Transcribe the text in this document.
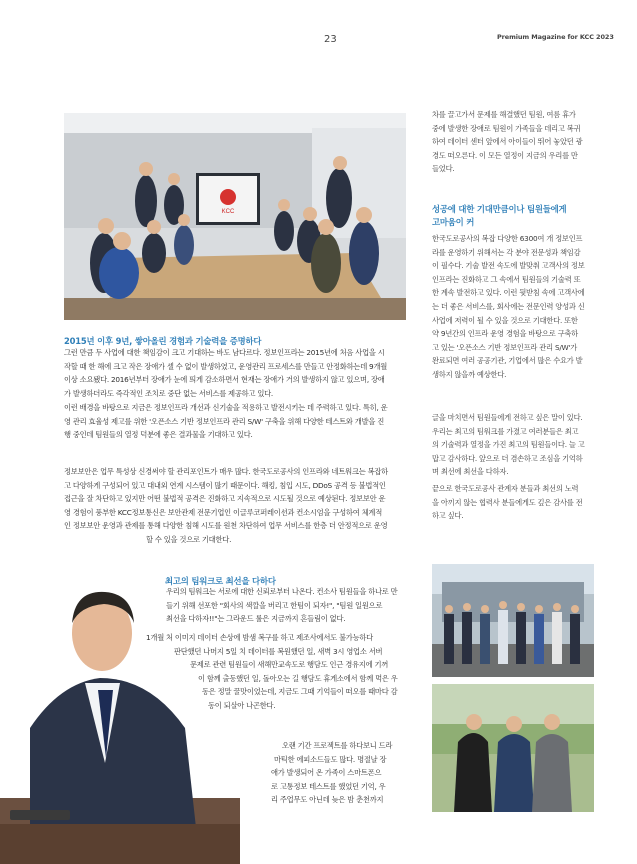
23	Premium Magazine for KCC 2023
KCC
2015년 이후 9년, 쌓아올린 경험과 기술력을 증명하다
그런 만큼 두 사업에 대한 책임감이 크고 기대하는 바도 남다르다. 정보인프라는 2015년에 처음 사업을 시
작할 때 한 해에 크고 작은 장애가 셀 수 없이 발생하였고, 운영관리 프로세스를 만들고 안정화하는데 9개월
이상 소요됐다. 2016년부터 장애가 눈에 띄게 감소하면서 현재는 장애가 거의 발생하지 않고 있으며, 장애
가 발생하더라도 즉각적인 조치로 중단 없는 서비스를 제공하고 있다.
이런 배경을 바탕으로 지금은 정보인프라 개선과 신기술을 적용하고 발전시키는 데 주력하고 있다. 특히, 운
영 관리 효율성 제고를 위한 '오픈소스 기반 정보인프라 관리 S/W' 구축을 위해 다양한 테스트와 개발을 진
행 중인데 팀원들의 열정 덕분에 좋은 결과물을 기대하고 있다.
정보보안은 업무 특성상 신경써야 할 관리포인트가 매우 많다. 한국도로공사의 인프라와 네트워크는 복잡하
고 다양하게 구성되어 있고 대내외 연계 시스템이 많기 때문이다. 해킹, 침입 시도, DDoS 공격 등 불법적인
접근을 잘 차단하고 있지만 어떤 불법적 공격은 진화하고 지속적으로 시도될 것으로 예상된다. 정보보안 운
영 경험이 풍부한 KCC정보통신은 보안관제 전문기업인 이글루코퍼레이션과 컨소시엄을 구성하여 체계적
인 정보보안 운영과 관제를 통해 다양한 침해 시도를 원천 차단하여 업무 서비스를 한층 더 안정적으로 운영
할 수 있을 것으로 기대한다.
최고의 팀워크로 최선을 다하다
우리의 팀워크는 서로에 대한 신뢰로부터 나온다. 컨소사 팀원들을 하나로 만
들기 위해 선포한 "회사의 색깔을 버리고 한팀이 되자!", "팀원 일원으로
최선을 다하자!!"는 그라운드 룰은 지금까지 흔들림이 없다.
1개월 처 이미지 데이터 손상에 밤샘 복구를 하고 제조사에서도 불가능하다
판단했던 나머지 5일 치 데이터를 복원했던 일, 새벽 3시 영업소 서버
문제로 관련 팀원들이 새해만교속도로 행담도 인근 경유지에 기꺼
이 함께 출동했던 일, 돌아오는 길 행담도 휴게소에서 함께 먹은 우
동은 정말 꿀맛이었는데, 지금도 그때 기억들이 떠오를 때마다 감
동이 되살아 나곤한다.
오랜 기간 프로젝트를 하다보니 드라
마틱한 에피소드들도 많다. 명절날 장
애가 발생되어 온 가족이 스마트폰으
로 고통정보 테스트를 했었던 기억, 우
리 주업무도 아닌데 늦은 밤 춘천까지
차를 끌고가서 문제를 해결했던 팀원, 여름 휴가
중에 발생한 장애로 팀원이 가족들을 데리고 복귀
하여 데이터 센터 앞에서 아이들이 뛰어 놓았던 광
경도 떠오른다. 이 모든 열정이 지금의 우리를 만
들었다.
성공에 대한 기대만큼이나 팀원들에게
고마움이 커
한국도로공사의 복잡 다양한 6300여 개 정보인프
라를 운영하기 위해서는 각 분야 전문성과 책임감
이 필수다. 기술 발전 속도에 발맞춰 고객사의 정보
인프라는 진화하고 그 속에서 팀원들의 기술력 또
한 계속 발전하고 있다. 이런 뒷받침 속에 고객사에
는 더 좋은 서비스를, 회사에는 전문인력 양성과 신
사업에 저력이 될 수 있을 것으로 기대한다. 또한
약 9년간의 인프라 운영 경험을 바탕으로 구축하
고 있는 '오픈소스 기반 정보인프라 관리 S/W'가
완료되면 여러 공공기관, 기업에서 많은 수요가 발
생하지 않을까 예상한다.
글을 마치면서 팀원들에게 전하고 싶은 말이 있다.
우리는 최고의 팀워크를 가졌고 여러분들은 최고
의 기술력과 열정을 가진 최고의 팀원들이다. 늘 고
맙고 감사하다. 앞으로 더 겸손하고 조심을 기억하
며 최선에 최선을 다하자.
끝으로 한국도로공사 관계자 분들과 최선의 노력
을 아끼지 않는 협력사 분들에게도 깊은 감사를 전
하고 싶다.
